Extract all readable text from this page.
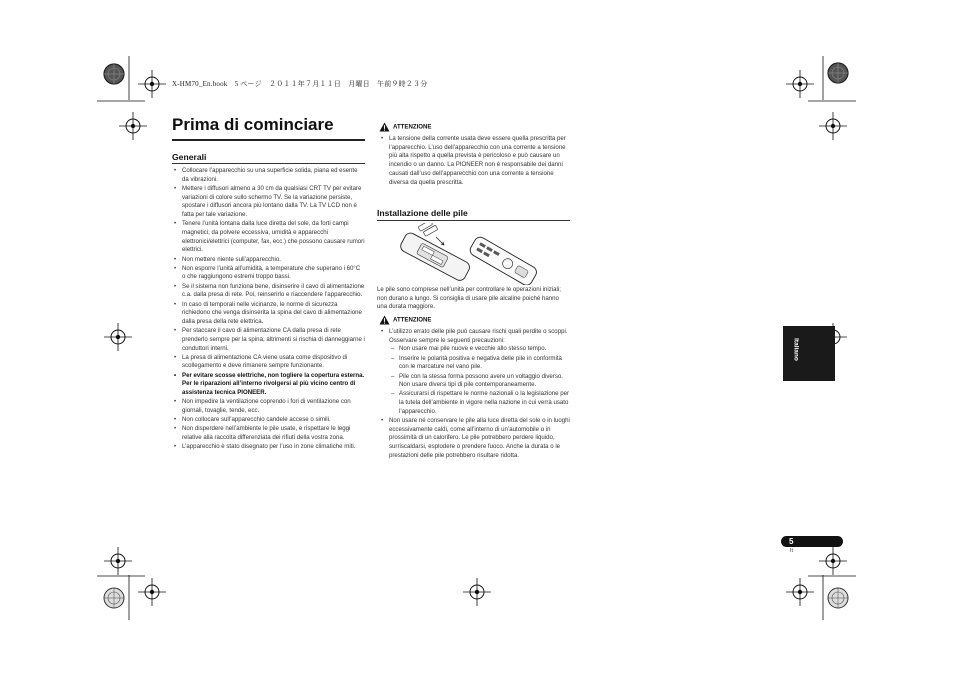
X-HM70_En.book　5 ページ　２０１１年７月１１日　月曜日　午前９時２３分
Prima di cominciare
Generali
• Collocare l’apparecchio su una superficie solida, piana ed esente da vibrazioni.
• Mettere i diffusori almeno a 30 cm da qualsiasi CRT TV per evitare variazioni di colore sullo schermo TV. Se la variazione persiste, spostare i diffusori ancora più lontano dalla TV. La TV LCD non è fatta per tale variazione.
• Tenere l’unità lontana dalla luce diretta del sole, da forti campi magnetici, da polvere eccessiva, umidità e apparecchi elettronici/elettrici (computer, fax, ecc.) che possono causare rumori elettrici.
• Non mettere niente sull’apparecchio.
• Non esporre l’unità all’umidità, a temperature che superano i 60°C o che raggiungono estremi troppo bassi.
• Se il sistema non funziona bene, disinserire il cavo di alimentazione c.a. dalla presa di rete. Poi, reinserirlo e riaccendere l’apparecchio.
• In caso di temporali nelle vicinanze, le norme di sicurezza richiedono che venga disinserita la spina del cavo di alimentazione dalla presa della rete elettrica.
• Per staccare il cavo di alimentazione CA dalla presa di rete prenderlo sempre per la spina, altrimenti si rischia di danneggiarne i conduttori interni.
• La presa di alimentazione CA viene usata come dispositivo di scollegamento e deve rimanere sempre funzionante.
• Per evitare scosse elettriche, non togliere la copertura esterna. Per le riparazioni all’interno rivolgersi al più vicino centro di assistenza tecnica PIONEER.
• Non impedire la ventilazione coprendo i fori di ventilazione con giornali, tovaglie, tende, ecc.
• Non collocare sull’apparecchio candele accese o simili.
• Non disperdere nell’ambiente le pile usate, e rispettare le leggi relative alla raccolta differenziata dei rifiuti della vostra zona.
• L’apparecchio è stato disegnato per l’uso in zone climatiche miti.
ATTENZIONE
• La tensione della corrente usata deve essere quella prescritta per l’apparecchio. L’uso dell’apparecchio con una corrente a tensione più alta rispetto a quella prevista è pericoloso e può causare un incendio o un danno. La PIONEER non è responsabile dei danni causati dall’uso dell’apparecchio con una corrente a tensione diversa da quella prescritta.
Installazione delle pile
Le pile sono comprese nell’unità per controllare le operazioni iniziali; non durano a lungo. Si consiglia di usare pile alcaline poiché hanno una durata maggiore.
ATTENZIONE
• L’utilizzo errato delle pile può causare rischi quali perdite o scoppi. Osservare sempre le seguenti precauzioni:
– Non usare mai pile nuove e vecchie allo stesso tempo.
– Inserire le polarità positiva e negativa delle pile in conformità con le marcature nel vano pile.
– Pile con la stessa forma possono avere un voltaggio diverso. Non usare diversi tipi di pile contemporaneamente.
– Assicurarsi di rispettare le norme nazionali o la legislazione per la tutela dell’ambiente in vigore nella nazione in cui verrà usato l’apparecchio.
• Non usare né conservare le pile alla luce diretta del sole o in luoghi eccessivamente caldi, come all’interno di un’automobile o in prossimità di un calorifero. Le pile potrebbero perdere liquido, surriscaldarsi, esplodere o prendere fuoco. Anche la durata o le prestazioni delle pile potrebbero risultare ridotta.
Italiano
5
It
